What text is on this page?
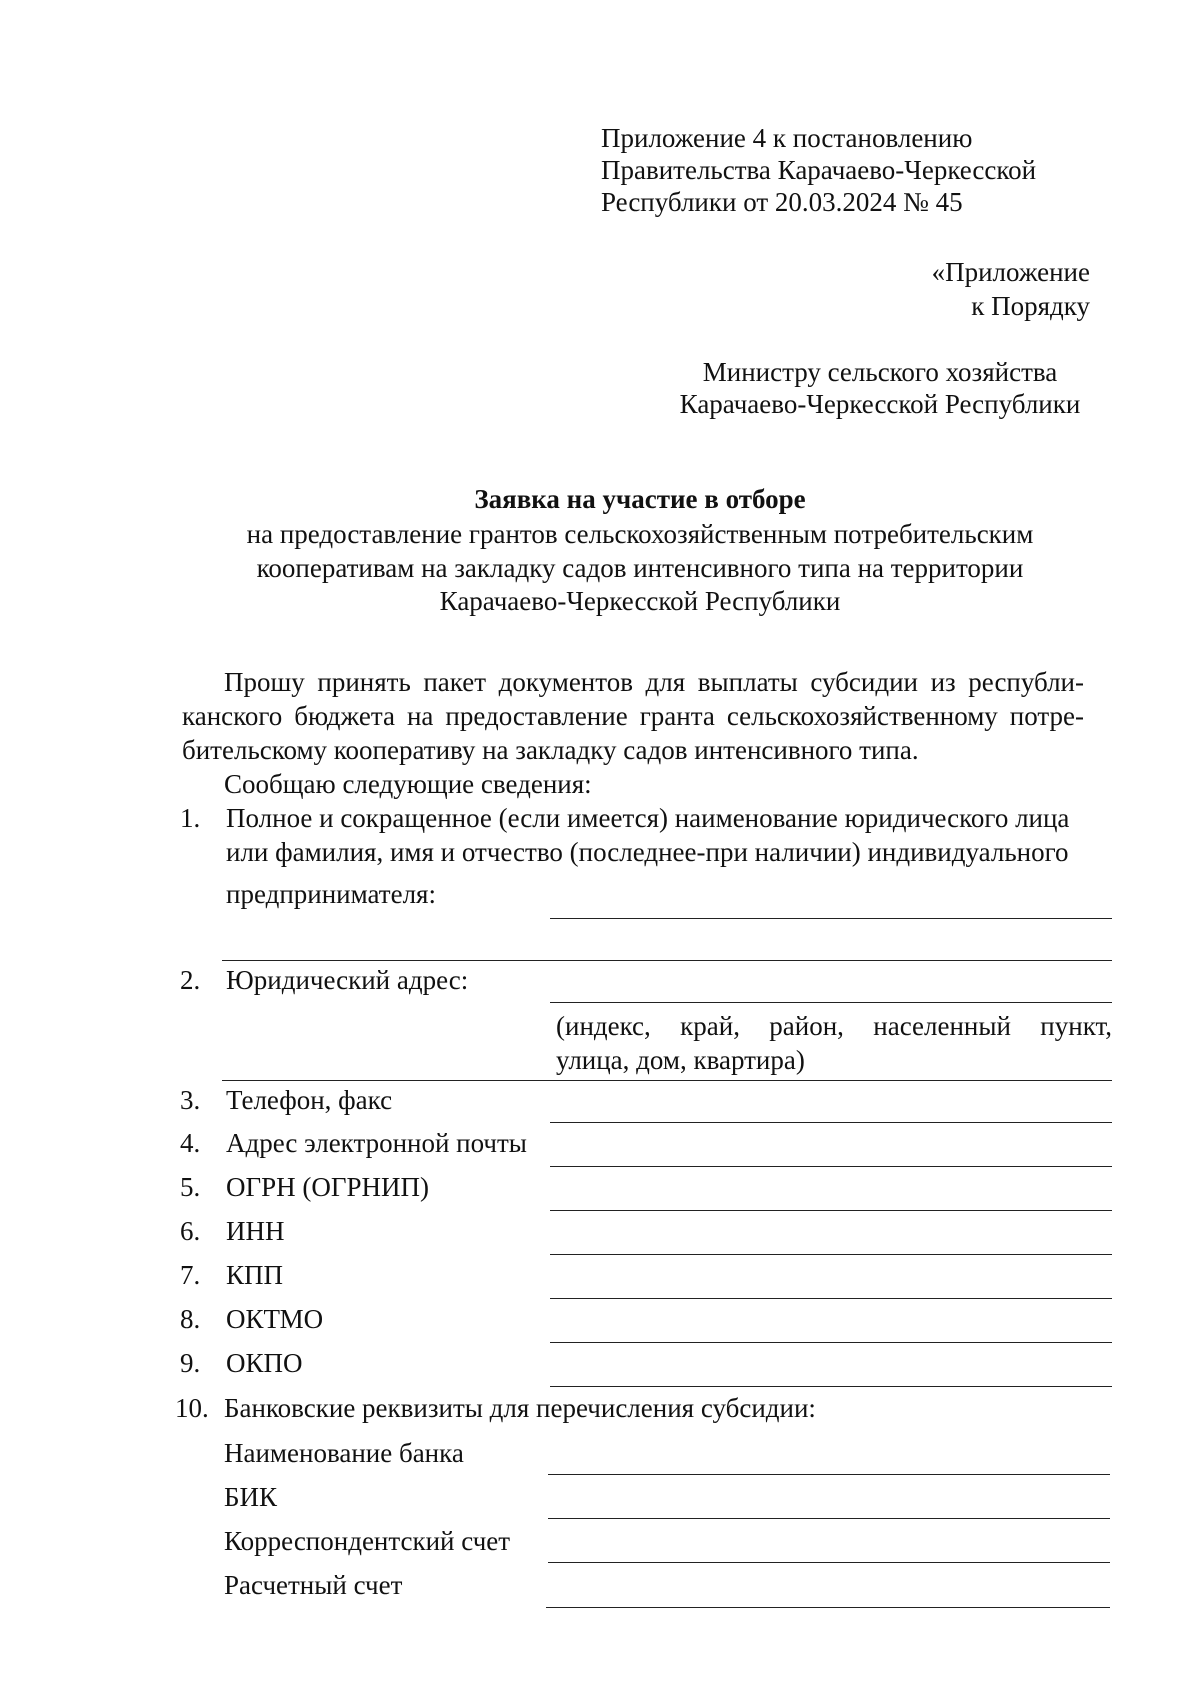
Приложение 4 к постановлению
Правительства Карачаево-Черкесской
Республики от 20.03.2024 № 45
«Приложение
к Порядку
Министру сельского хозяйства
Карачаево-Черкесской Республики
Заявка на участие в отборе
на предоставление грантов сельскохозяйственным потребительским
кооперативам на закладку садов интенсивного типа на территории
Карачаево-Черкесской Республики
Прошу принять пакет документов для выплаты субсидии из республи-
канского бюджета на предоставление гранта сельскохозяйственному потре-
бительскому кооперативу на закладку садов интенсивного типа.
Сообщаю следующие сведения:
1. Полное и сокращенное (если имеется) наименование юридического лица
или фамилия, имя и отчество (последнее-при наличии) индивидуального
предпринимателя:
2. Юридический адрес:
(индекс, край, район, населенный пункт,
улица, дом, квартира)
3. Телефон, факс
4. Адрес электронной почты
5. ОГРН (ОГРНИП)
6. ИНН
7. КПП
8. ОКТМО
9. ОКПО
10. Банковские реквизиты для перечисления субсидии:
Наименование банка
БИК
Корреспондентский счет
Расчетный счет
